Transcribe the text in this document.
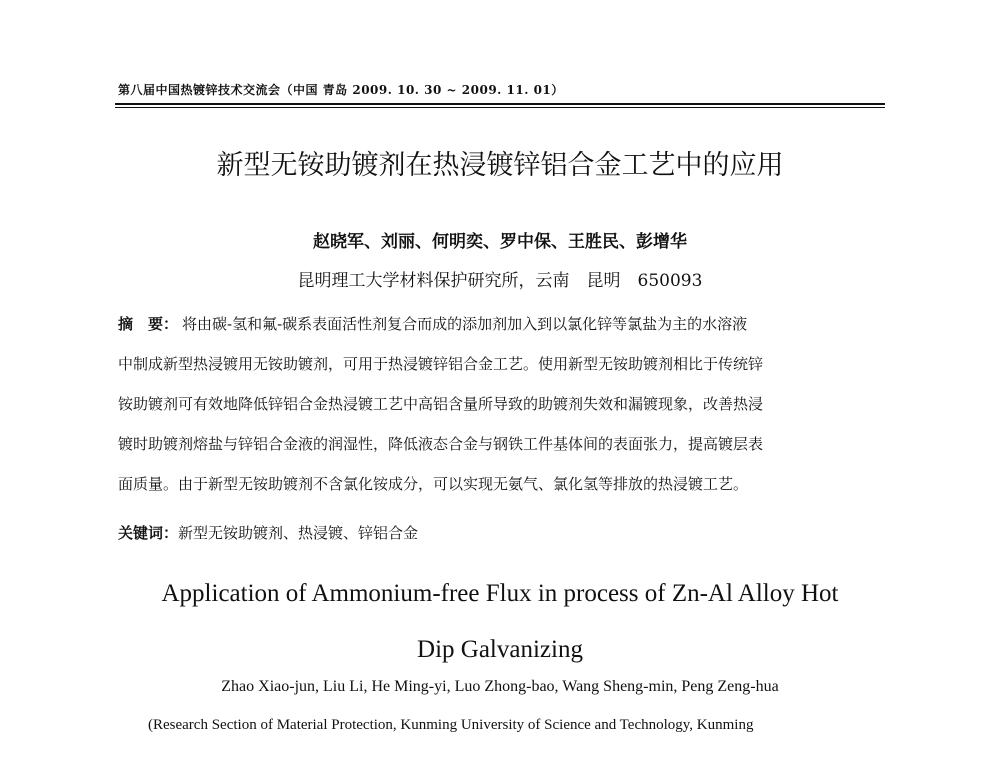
第八届中国热镀锌技术交流会（中国 青岛 2009. 10. 30 ~ 2009. 11. 01）
新型无铵助镀剂在热浸镀锌铝合金工艺中的应用
赵晓军、刘丽、何明奕、罗中保、王胜民、彭增华
昆明理工大学材料保护研究所，云南　昆明　650093
摘　要： 将由碳-氢和氟-碳系表面活性剂复合而成的添加剂加入到以氯化锌等氯盐为主的水溶液
中制成新型热浸镀用无铵助镀剂，可用于热浸镀锌铝合金工艺。使用新型无铵助镀剂相比于传统锌
铵助镀剂可有效地降低锌铝合金热浸镀工艺中高铝含量所导致的助镀剂失效和漏镀现象，改善热浸
镀时助镀剂熔盐与锌铝合金液的润湿性，降低液态合金与钢铁工件基体间的表面张力，提高镀层表
面质量。由于新型无铵助镀剂不含氯化铵成分，可以实现无氨气、氯化氢等排放的热浸镀工艺。
关键词：新型无铵助镀剂、热浸镀、锌铝合金
Application of Ammonium-free Flux in process of Zn-Al Alloy Hot
Dip Galvanizing
Zhao Xiao-jun, Liu Li, He Ming-yi, Luo Zhong-bao, Wang Sheng-min, Peng Zeng-hua
(Research Section of Material Protection, Kunming University of Science and Technology, Kunming
